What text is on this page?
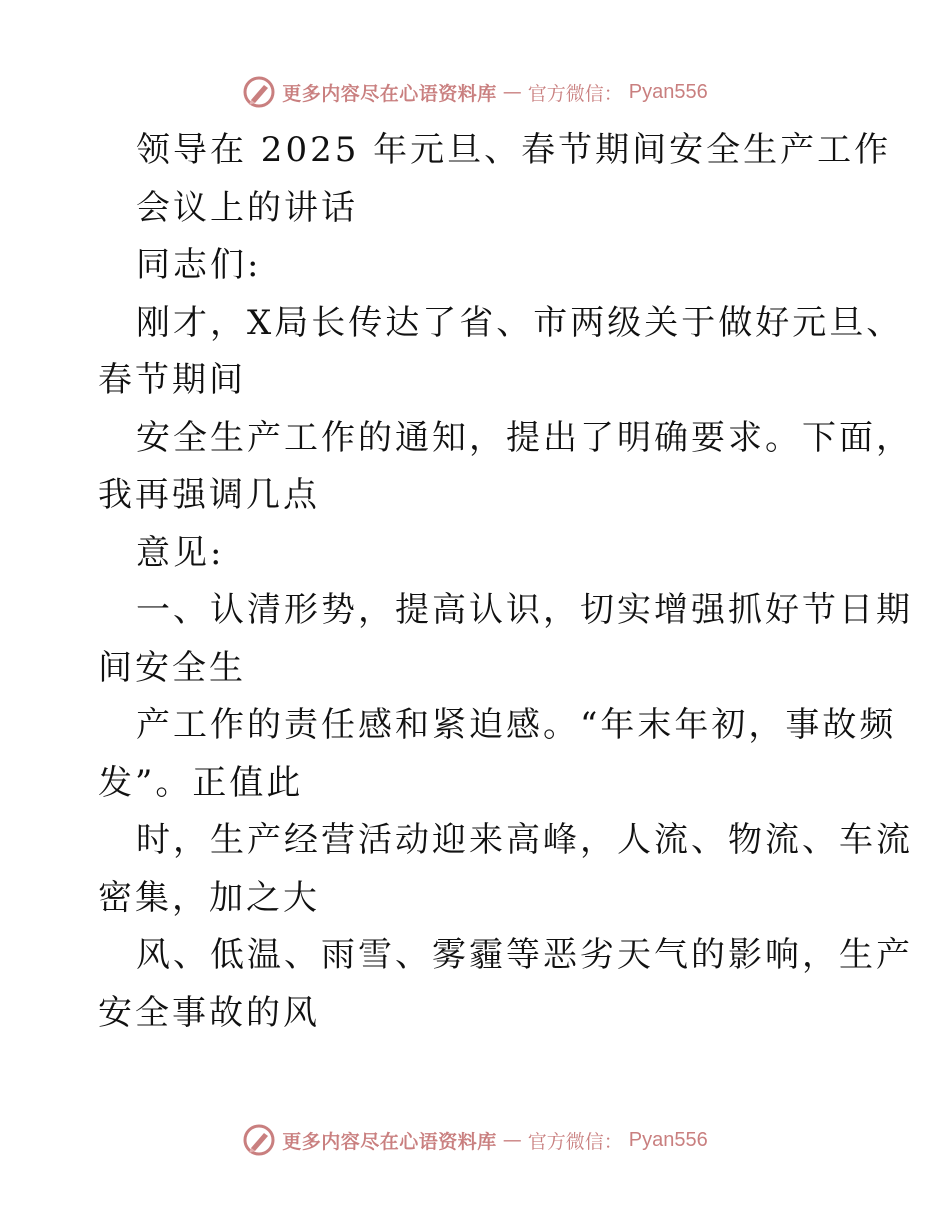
更多内容尽在心语资料库 — 官方微信： Pyan556
领导在 2025 年元旦、春节期间安全生产工作
会议上的讲话
同志们:
刚才，X局长传达了省、市两级关于做好元旦、
春节期间
安全生产工作的通知，提出了明确要求。下面，
我再强调几点
意见:
一、认清形势，提高认识，切实增强抓好节日期
间安全生
产工作的责任感和紧迫感。“年末年初，事故频
发”。正值此
时，生产经营活动迎来高峰，人流、物流、车流
密集，加之大
风、低温、雨雪、雾霾等恶劣天气的影响，生产
安全事故的风
更多内容尽在心语资料库 — 官方微信： Pyan556
